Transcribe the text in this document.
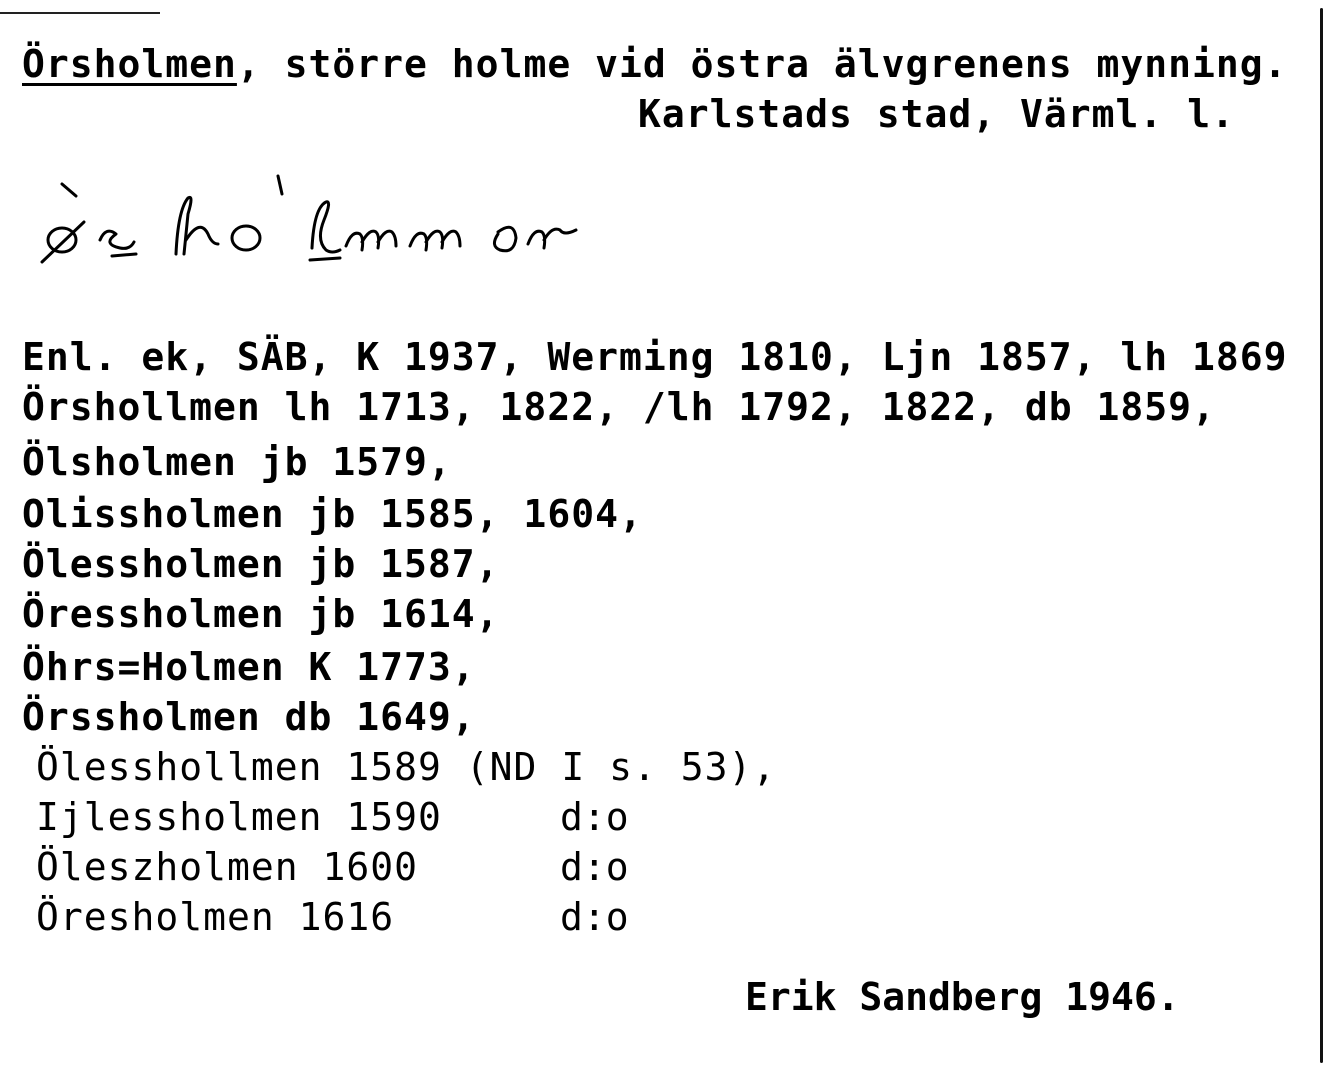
Örsholmen, större holme vid östra älvgrenens mynning.
Karlstads stad, Värml. l.
Enl. ek, SÄB, K 1937, Werming 1810, Ljn 1857, lh 1869
Örshollmen lh 1713, 1822, /lh 1792, 1822, db 1859,
Ölsholmen jb 1579,
Olissholmen jb 1585, 1604,
Ölessholmen jb 1587,
Öressholmen jb 1614,
Öhrs=Holmen K 1773,
Örssholmen db 1649,
Ölesshollmen 1589 (ND I s. 53),
Ijlessholmen 1590
Öleszholmen 1600
Öresholmen 1616
d:o
d:o
d:o
Erik Sandberg 1946.
